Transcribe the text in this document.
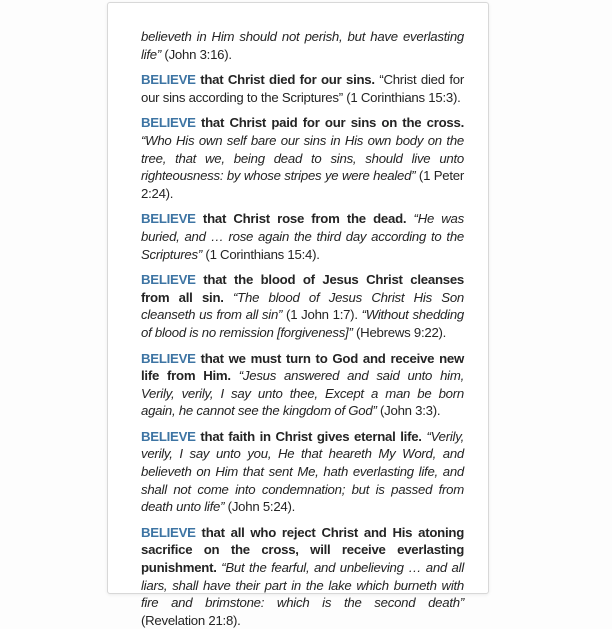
believeth in Him should not perish, but have everlasting life” (John 3:16).

BELIEVE that Christ died for our sins. “Christ died for our sins according to the Scriptures” (1 Corinthians 15:3).

BELIEVE that Christ paid for our sins on the cross. “Who His own self bare our sins in His own body on the tree, that we, being dead to sins, should live unto righteousness: by whose stripes ye were healed” (1 Peter 2:24).

BELIEVE that Christ rose from the dead. “He was buried, and … rose again the third day according to the Scriptures” (1 Corinthians 15:4).

BELIEVE that the blood of Jesus Christ cleanses from all sin. “The blood of Jesus Christ His Son cleanseth us from all sin” (1 John 1:7). “Without shedding of blood is no remission [forgiveness]” (Hebrews 9:22).

BELIEVE that we must turn to God and receive new life from Him. “Jesus answered and said unto him, Verily, verily, I say unto thee, Except a man be born again, he cannot see the kingdom of God” (John 3:3).

BELIEVE that faith in Christ gives eternal life. “Verily, verily, I say unto you, He that heareth My Word, and believeth on Him that sent Me, hath everlasting life, and shall not come into condemnation; but is passed from death unto life” (John 5:24).

BELIEVE that all who reject Christ and His atoning sacrifice on the cross, will receive everlasting punishment. “But the fearful, and unbelieving … and all liars, shall have their part in the lake which burneth with fire and brimstone: which is the second death” (Revelation 21:8).
